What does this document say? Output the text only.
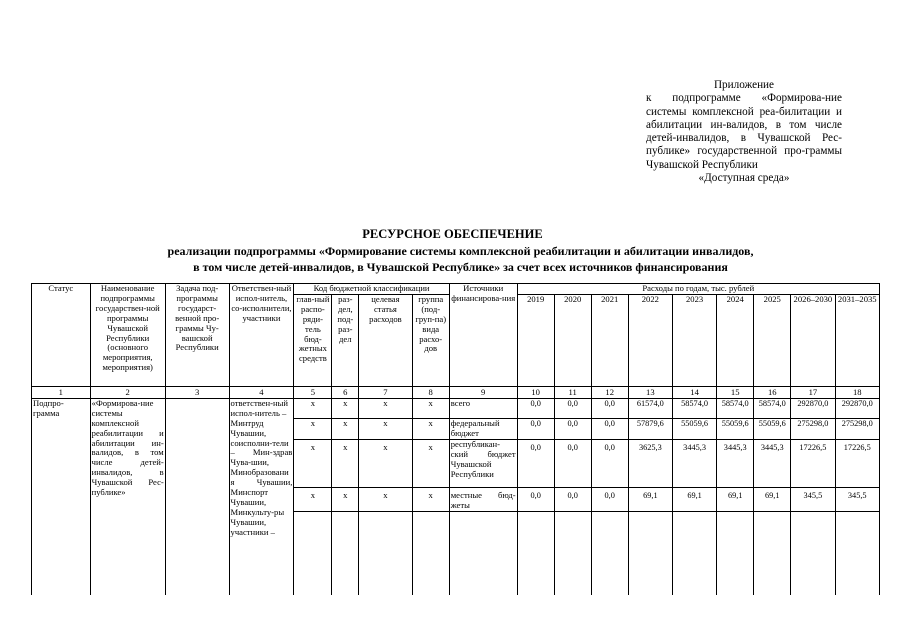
Приложение
к подпрограмме «Формирова-ние системы комплексной реа-билитации и абилитации ин-валидов, в том числе детей-инвалидов, в Чувашской Рес-публике» государственной про-граммы Чувашской Республики
«Доступная среда»
РЕСУРСНОЕ ОБЕСПЕЧЕНИЕ
реализации подпрограммы «Формирование системы комплексной реабилитации и абилитации инвалидов,
в том числе детей-инвалидов, в Чувашской Республике» за счет всех источников финансирования
Статус	Наименование подпрограммы государствен-ной программы Чувашской Республики (основного мероприятия, мероприятия)	Задача под-программы государст-венной про-граммы Чу-вашской Республики	Ответствен-ный испол-нитель, со-исполнители, участники	Код бюджетной классификации				Источники финансирова-ния	Расходы по годам, тыс. рублей								
				глав-ный распо-ряди-тель бюд-жетных средств	раз-дел, под-раз-дел	целевая статья расходов	группа (под-груп-па) вида расхо-дов		2019	2020	2021	2022	2023	2024	2025	2026–2030	2031–2035
1	2	3	4	5	6	7	8	9	10	11	12	13	14	15	16	17	18
Подпро-грамма	«Формирова-ние системы комплексной реабилитации и абилитации ин-валидов, в том числе детей-инвалидов, в Чувашской Рес-публике»		ответствен-ный испол-нитель –	x	x	x	x	всего	0,0	0,0	0,0	61574,0	58574,0	58574,0	58574,0	292870,0	292870,0
			Минтруд Чувашии, соисполни-тели – Мин-здрав Чува-шии, Минобразования Чувашии, Минспорт Чувашии, Минкульту-ры Чувашии, участники –	x	x	x	x	федеральный бюджет	0,0	0,0	0,0	57879,6	55059,6	55059,6	55059,6	275298,0	275298,0
				x	x	x	x	республикан-ский бюджет Чувашской Республики	0,0	0,0	0,0	3625,3	3445,3	3445,3	3445,3	17226,5	17226,5
				x	x	x	x	местные бюд-жеты	0,0	0,0	0,0	69,1	69,1	69,1	69,1	345,5	345,5
